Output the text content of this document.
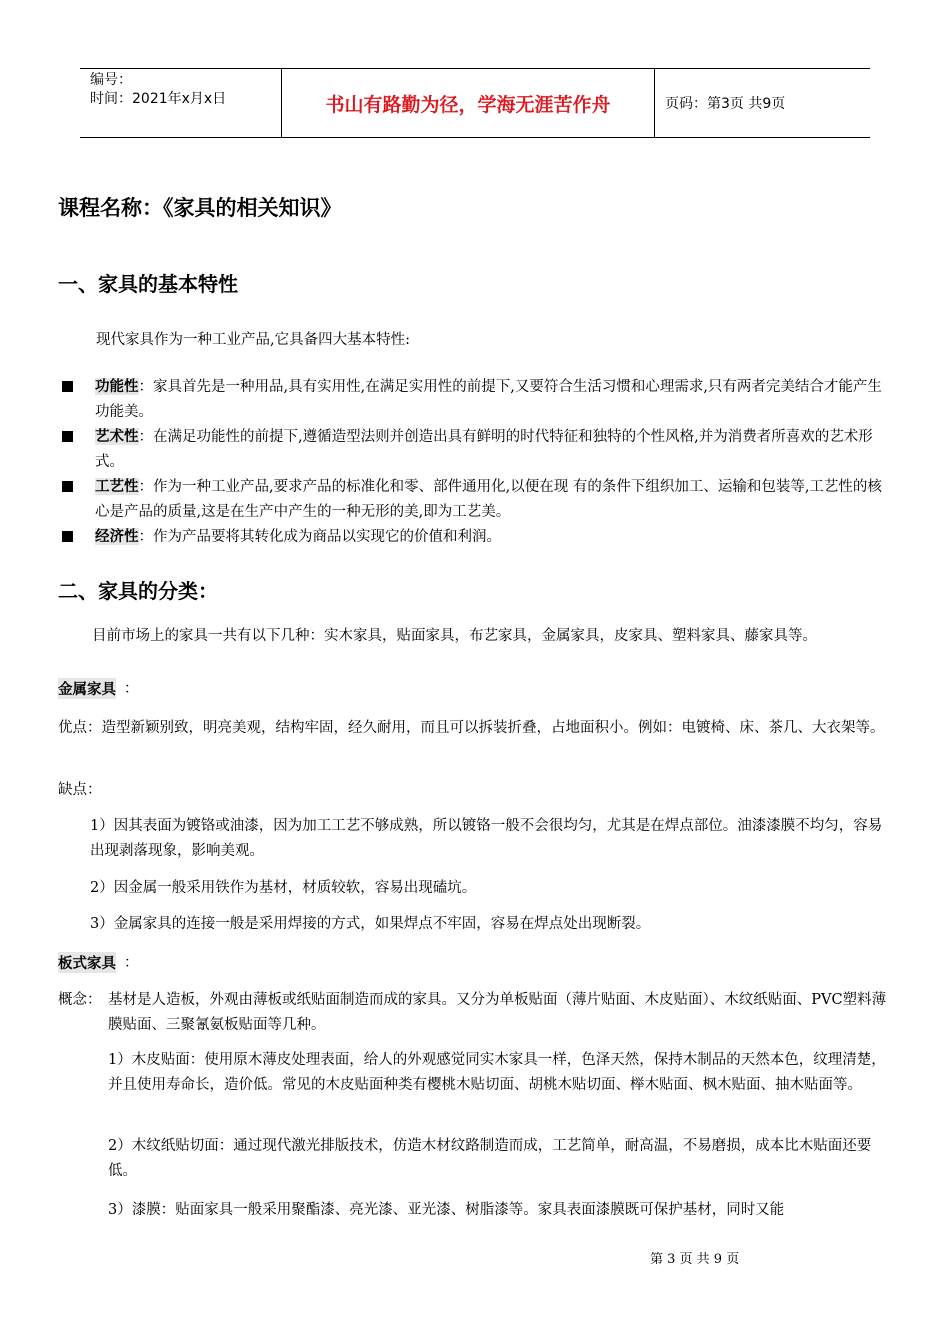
编号：
时间：2021年x月x日	书山有路勤为径，学海无涯苦作舟	页码：第3页 共9页
课程名称：《家具的相关知识》
一、家具的基本特性
现代家具作为一种工业产品,它具备四大基本特性:
功能性：家具首先是一种用品,具有实用性,在满足实用性的前提下,又要符合生活习惯和心理需求,只有两者完美结合才能产生功能美。
艺术性：在满足功能性的前提下,遵循造型法则并创造出具有鲜明的时代特征和独特的个性风格,并为消费者所喜欢的艺术形式。
工艺性：作为一种工业产品,要求产品的标准化和零、部件通用化,以便在现 有的条件下组织加工、运输和包装等,工艺性的核心是产品的质量,这是在生产中产生的一种无形的美,即为工艺美。
经济性：作为产品要将其转化成为商品以实现它的价值和利润。
二、家具的分类：
目前市场上的家具一共有以下几种：实木家具，贴面家具，布艺家具，金属家具，皮家具、塑料家具、藤家具等。
金属家具 ：
优点：造型新颖别致，明亮美观，结构牢固，经久耐用，而且可以拆装折叠，占地面积小。例如：电镀椅、床、茶几、大衣架等。
缺点：
1）因其表面为镀铬或油漆，因为加工工艺不够成熟，所以镀铬一般不会很均匀，尤其是在焊点部位。油漆漆膜不均匀，容易出现剥落现象，影响美观。
2）因金属一般采用铁作为基材，材质较软，容易出现磕坑。
3）金属家具的连接一般是采用焊接的方式，如果焊点不牢固，容易在焊点处出现断裂。
板式家具 ：
概念： 基材是人造板，外观由薄板或纸贴面制造而成的家具。又分为单板贴面（薄片贴面、木皮贴面）、木纹纸贴面、PVC塑料薄膜贴面、三聚氰氨板贴面等几种。
1）木皮贴面：使用原木薄皮处理表面，给人的外观感觉同实木家具一样，色泽天然，保持木制品的天然本色，纹理清楚，并且使用寿命长，造价低。常见的木皮贴面种类有樱桃木贴切面、胡桃木贴切面、榉木贴面、枫木贴面、抽木贴面等。
2）木纹纸贴切面：通过现代激光排版技术，仿造木材纹路制造而成，工艺简单，耐高温，不易磨损，成本比木贴面还要低。
3）漆膜：贴面家具一般采用聚酯漆、亮光漆、亚光漆、树脂漆等。家具表面漆膜既可保护基材，同时又能
第 3 页 共 9 页
